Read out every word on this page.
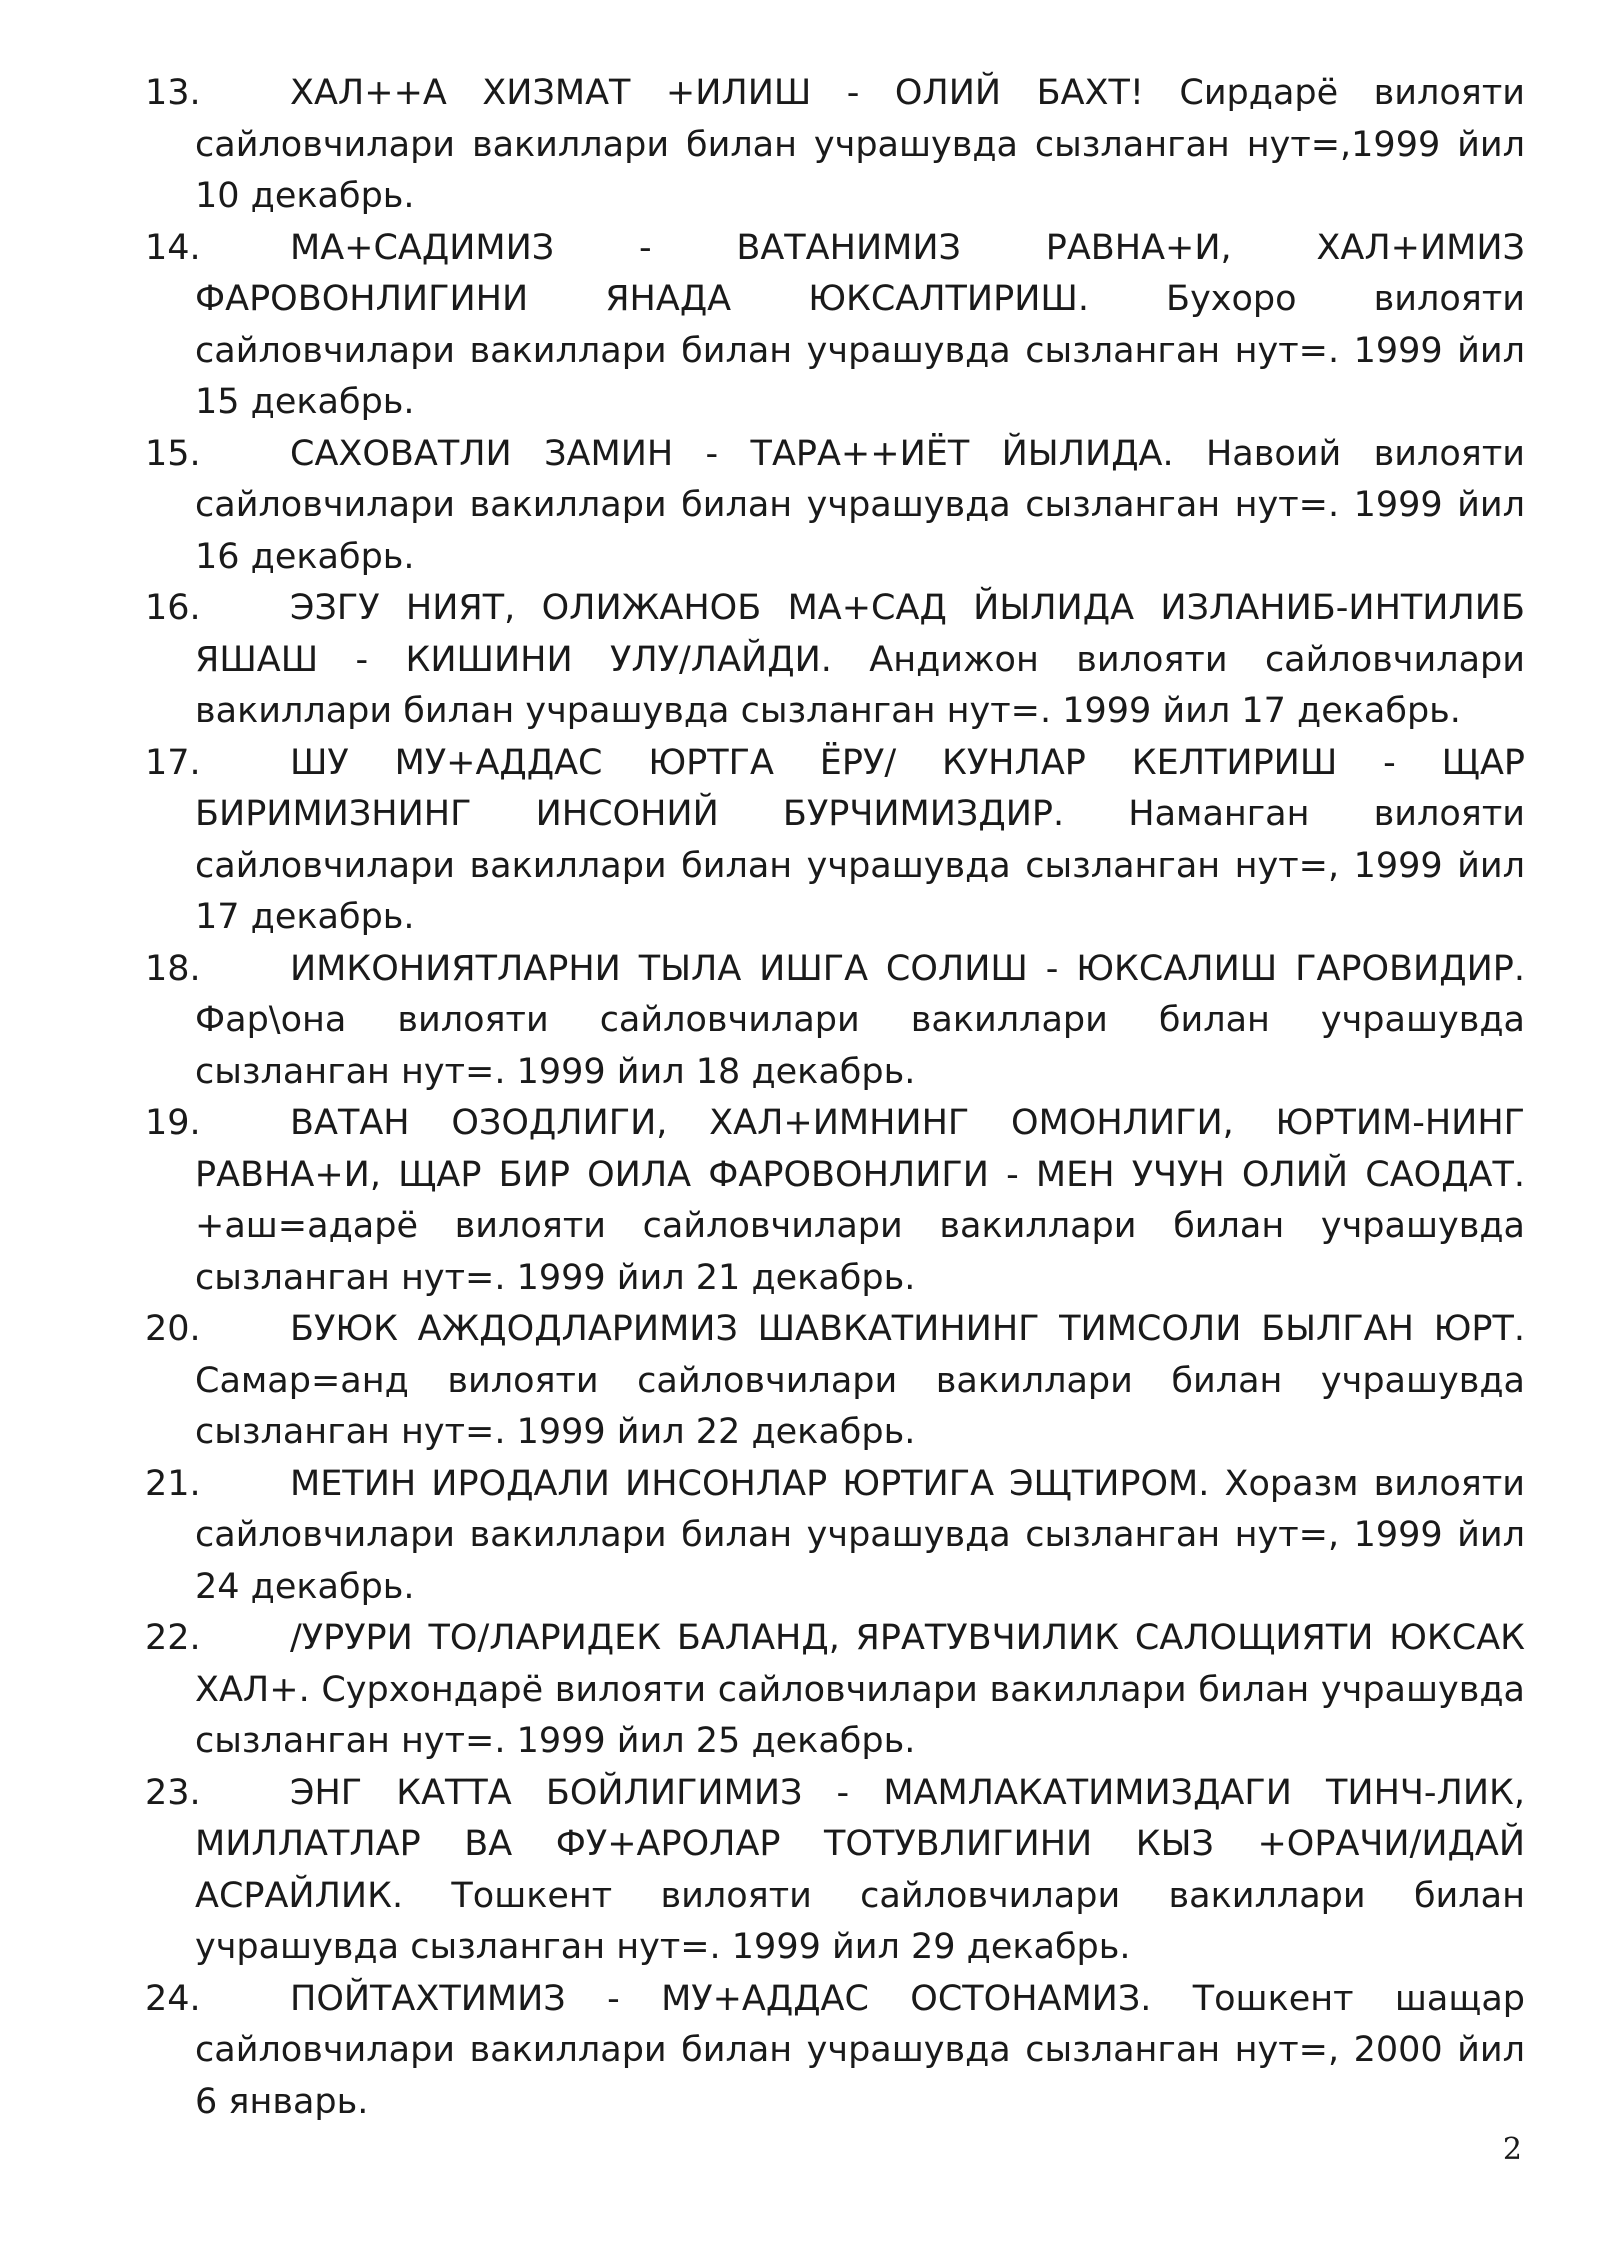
13.	ХАЛ++А ХИЗМАТ +ИЛИШ - ОЛИЙ БАХТ! Сирдарё вилояти сайловчилари вакиллари билан учрашувда сызланган нут=,1999 йил 10 декабрь.
14.	МА+САДИМИЗ - ВАТАНИМИЗ РАВНА+И, ХАЛ+ИМИЗ ФАРОВОНЛИГИНИ ЯНАДА ЮКСАЛТИРИШ. Бухоро вилояти сайловчилари вакиллари билан учрашувда сызланган нут=. 1999 йил 15 декабрь.
15.	САХОВАТЛИ ЗАМИН - ТАРА++ИЁТ ЙЫЛИДА. Навоий вилояти сайловчилари вакиллари билан учрашувда сызланган нут=. 1999 йил 16 декабрь.
16.	ЭЗГУ НИЯТ, ОЛИЖАНОБ МА+САД ЙЫЛИДА ИЗЛАНИБ-ИНТИЛИБ ЯШАШ - КИШИНИ УЛУ/ЛАЙДИ. Андижон вилояти сайловчилари вакиллари билан учрашувда сызланган нут=. 1999 йил 17 декабрь.
17.	ШУ МУ+АДДАС ЮРТГА ЁРУ/ КУНЛАР КЕЛТИРИШ - ЩАР БИРИМИЗНИНГ ИНСОНИЙ БУРЧИМИЗДИР. Наманган вилояти сайловчилари вакиллари билан учрашувда сызланган нут=, 1999 йил 17 декабрь.
18.	ИМКОНИЯТЛАРНИ ТЫЛА ИШГА СОЛИШ - ЮКСАЛИШ ГАРОВИДИР. Фар\она вилояти сайловчилари вакиллари билан учрашувда сызланган нут=. 1999 йил 18 декабрь.
19.	ВАТАН ОЗОДЛИГИ, ХАЛ+ИМНИНГ ОМОНЛИГИ, ЮРТИМ-НИНГ РАВНА+И, ЩАР БИР ОИЛА ФАРОВОНЛИГИ - МЕН УЧУН ОЛИЙ САОДАТ. +аш=адарё вилояти сайловчилари вакиллари билан учрашувда сызланган нут=. 1999 йил 21 декабрь.
20.	БУЮК АЖДОДЛАРИМИЗ ШАВКАТИНИНГ ТИМСОЛИ БЫЛГАН ЮРТ. Самар=анд вилояти сайловчилари вакиллари билан учрашувда сызланган нут=. 1999 йил 22 декабрь.
21.	МЕТИН ИРОДАЛИ ИНСОНЛАР ЮРТИГА ЭЩТИРОМ. Хоразм вилояти сайловчилари вакиллари билан учрашувда сызланган нут=, 1999 йил 24 декабрь.
22.	/УРУРИ ТО/ЛАРИДЕК БАЛАНД, ЯРАТУВЧИЛИК САЛОЩИЯТИ ЮКСАК ХАЛ+. Сурхондарё вилояти сайловчилари вакиллари билан учрашувда сызланган нут=. 1999 йил 25 декабрь.
23.	ЭНГ КАТТА БОЙЛИГИМИЗ - МАМЛАКАТИМИЗДАГИ ТИНЧ-ЛИК, МИЛЛАТЛАР ВА ФУ+АРОЛАР ТОТУВЛИГИНИ КЫЗ +ОРАЧИ/ИДАЙ АСРАЙЛИК. Тошкент вилояти сайловчилари вакиллари билан учрашувда сызланган нут=. 1999 йил 29 декабрь.
24.	ПОЙТАХТИМИЗ - МУ+АДДАС ОСТОНАМИЗ. Тошкент шащар сайловчилари вакиллари билан учрашувда сызланган нут=, 2000 йил 6 январь.
2
